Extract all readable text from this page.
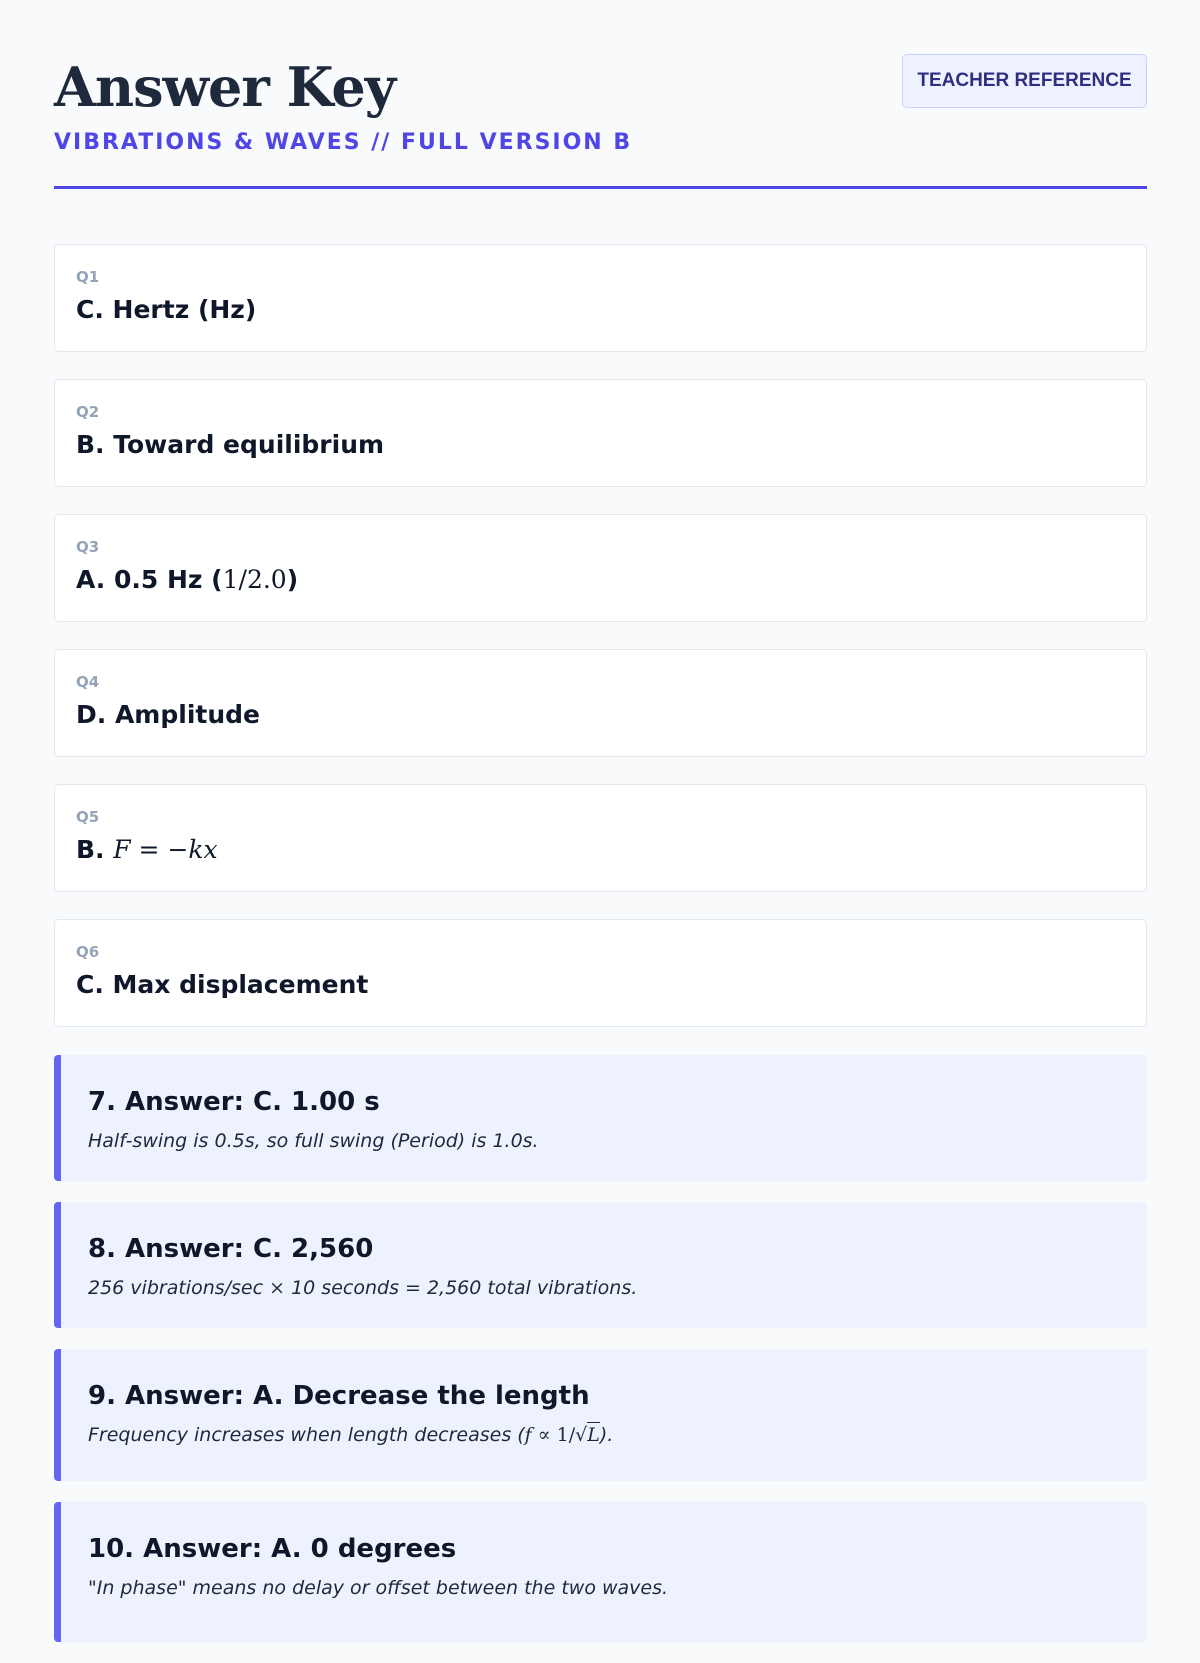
Answer Key
VIBRATIONS & WAVES // FULL VERSION B
TEACHER REFERENCE
Q1
C. Hertz (Hz)
Q2
B. Toward equilibrium
Q3
A. 0.5 Hz (1/2.0)
Q4
D. Amplitude
Q5
B. F = −kx
Q6
C. Max displacement
7. Answer: C. 1.00 s
Half-swing is 0.5s, so full swing (Period) is 1.0s.
8. Answer: C. 2,560
256 vibrations/sec × 10 seconds = 2,560 total vibrations.
9. Answer: A. Decrease the length
Frequency increases when length decreases (f ∝ 1/√L).
10. Answer: A. 0 degrees
"In phase" means no delay or offset between the two waves.
